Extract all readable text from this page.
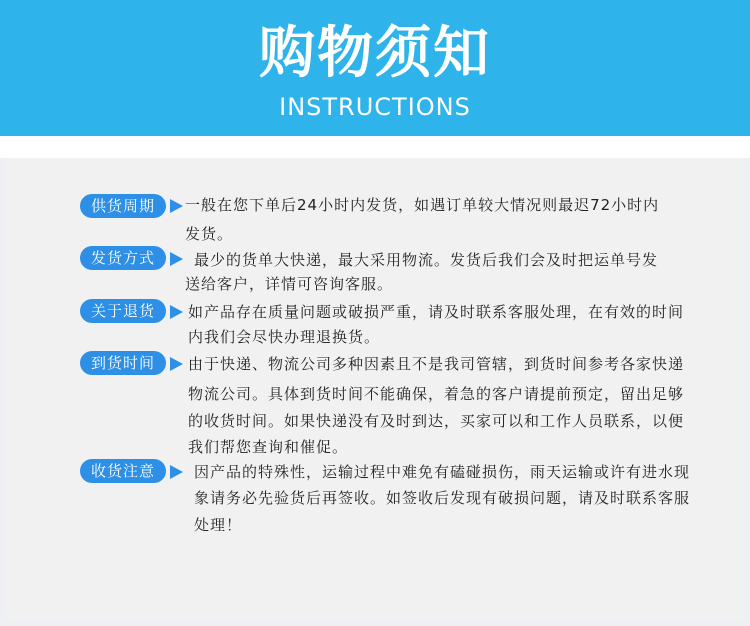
购物须知
INSTRUCTIONS
供货周期	一般在您下单后24小时内发货，如遇订单较大情况则最迟72小时内
发货。
发货方式	最少的货单大快递，最大采用物流。发货后我们会及时把运单号发
送给客户，详情可咨询客服。
关于退货	如产品存在质量问题或破损严重，请及时联系客服处理，在有效的时间
内我们会尽快办理退换货。
到货时间	由于快递、物流公司多种因素且不是我司管辖，到货时间参考各家快递
物流公司。具体到货时间不能确保，着急的客户请提前预定，留出足够
的收货时间。如果快递没有及时到达，买家可以和工作人员联系，以便
我们帮您查询和催促。
收货注意	因产品的特殊性，运输过程中难免有磕碰损伤，雨天运输或许有进水现
象请务必先验货后再签收。如签收后发现有破损问题，请及时联系客服
处理！
